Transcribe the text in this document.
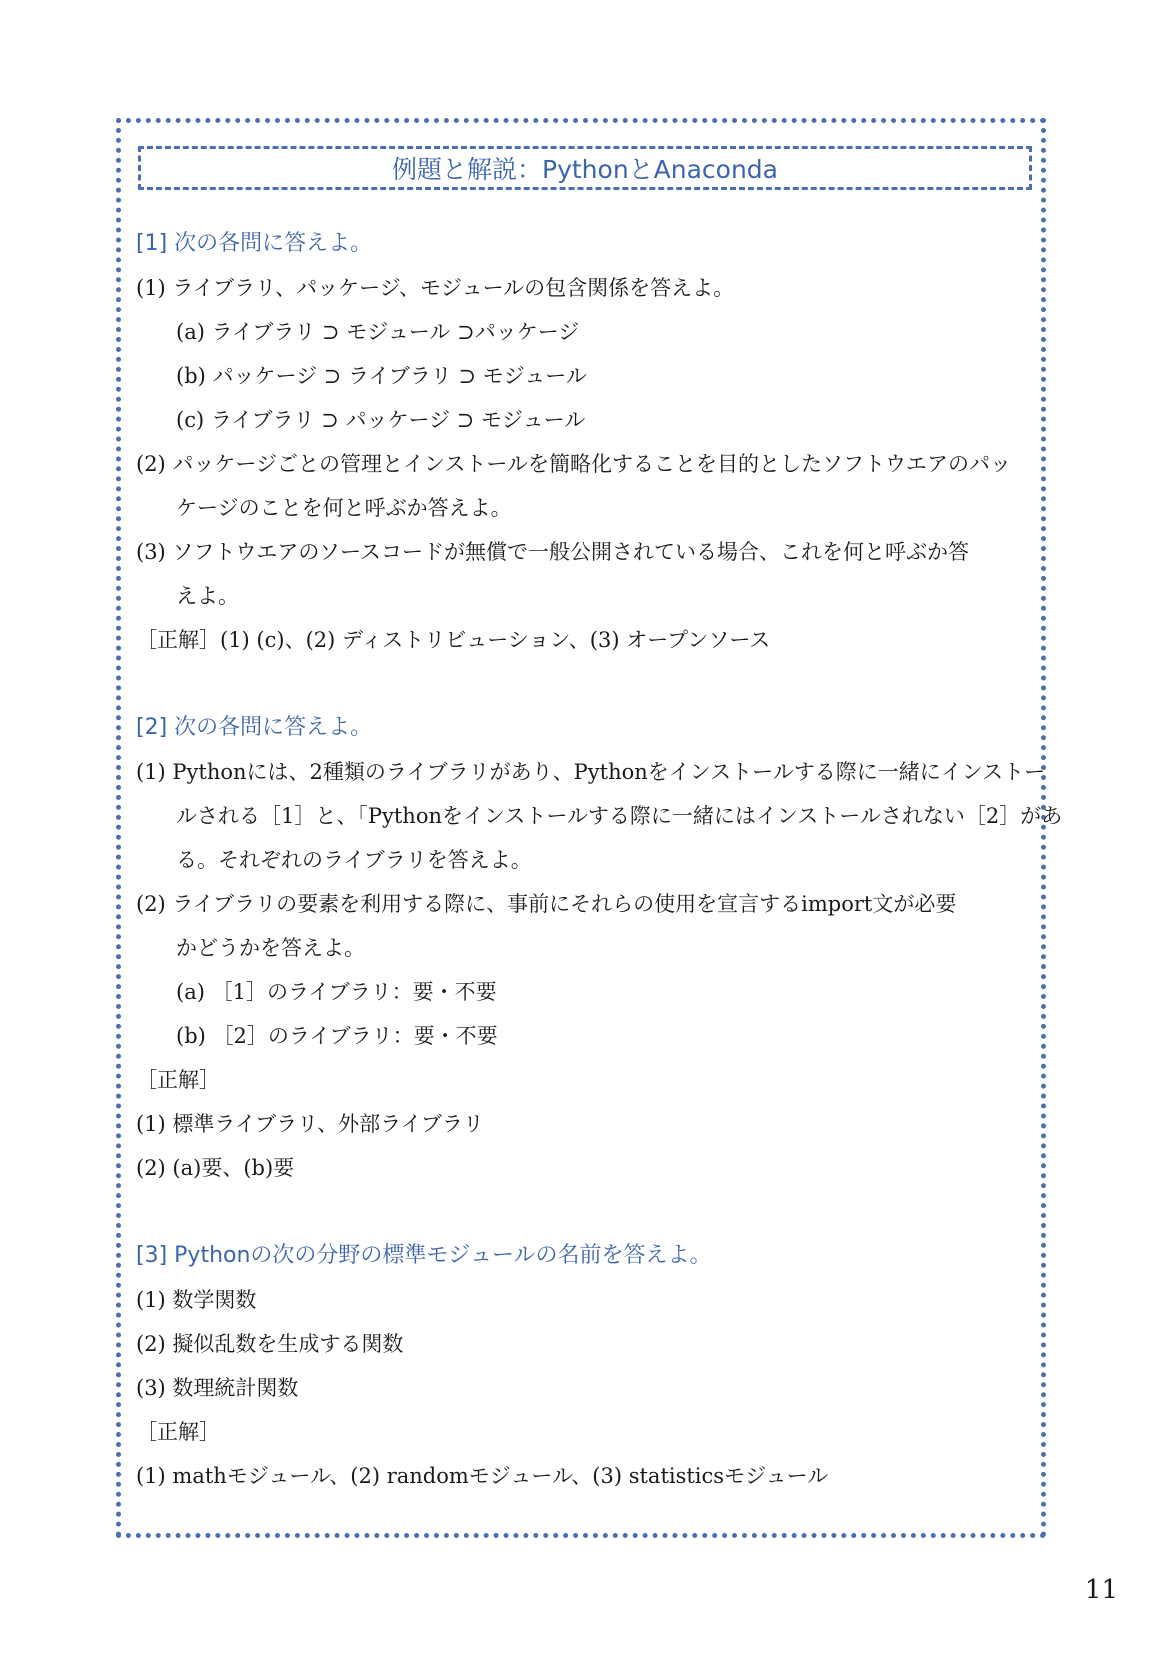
例題と解説：PythonとAnaconda
[1] 次の各問に答えよ。
(1) ライブラリ、パッケージ、モジュールの包含関係を答えよ。
(a) ライブラリ ⊃ モジュール ⊃パッケージ
(b) パッケージ ⊃ ライブラリ ⊃ モジュール
(c) ライブラリ ⊃ パッケージ ⊃ モジュール
(2) パッケージごとの管理とインストールを簡略化することを目的としたソフトウエアのパッ
ケージのことを何と呼ぶか答えよ。
(3) ソフトウエアのソースコードが無償で一般公開されている場合、これを何と呼ぶか答
えよ。
［正解］(1) (c)、(2) ディストリビューション、(3) オープンソース
[2] 次の各問に答えよ。
(1) Pythonには、2種類のライブラリがあり、Pythonをインストールする際に一緒にインストー
ルされる［1］と、「Pythonをインストールする際に一緒にはインストールされない［2］があ
る。それぞれのライブラリを答えよ。
(2) ライブラリの要素を利用する際に、事前にそれらの使用を宣言するimport文が必要
かどうかを答えよ。
(a) ［1］のライブラリ：要・不要
(b) ［2］のライブラリ：要・不要
［正解］
(1) 標準ライブラリ、外部ライブラリ
(2) (a)要、(b)要
[3] Pythonの次の分野の標準モジュールの名前を答えよ。
(1) 数学関数
(2) 擬似乱数を生成する関数
(3) 数理統計関数
［正解］
(1) mathモジュール、(2) randomモジュール、(3) statisticsモジュール
11
